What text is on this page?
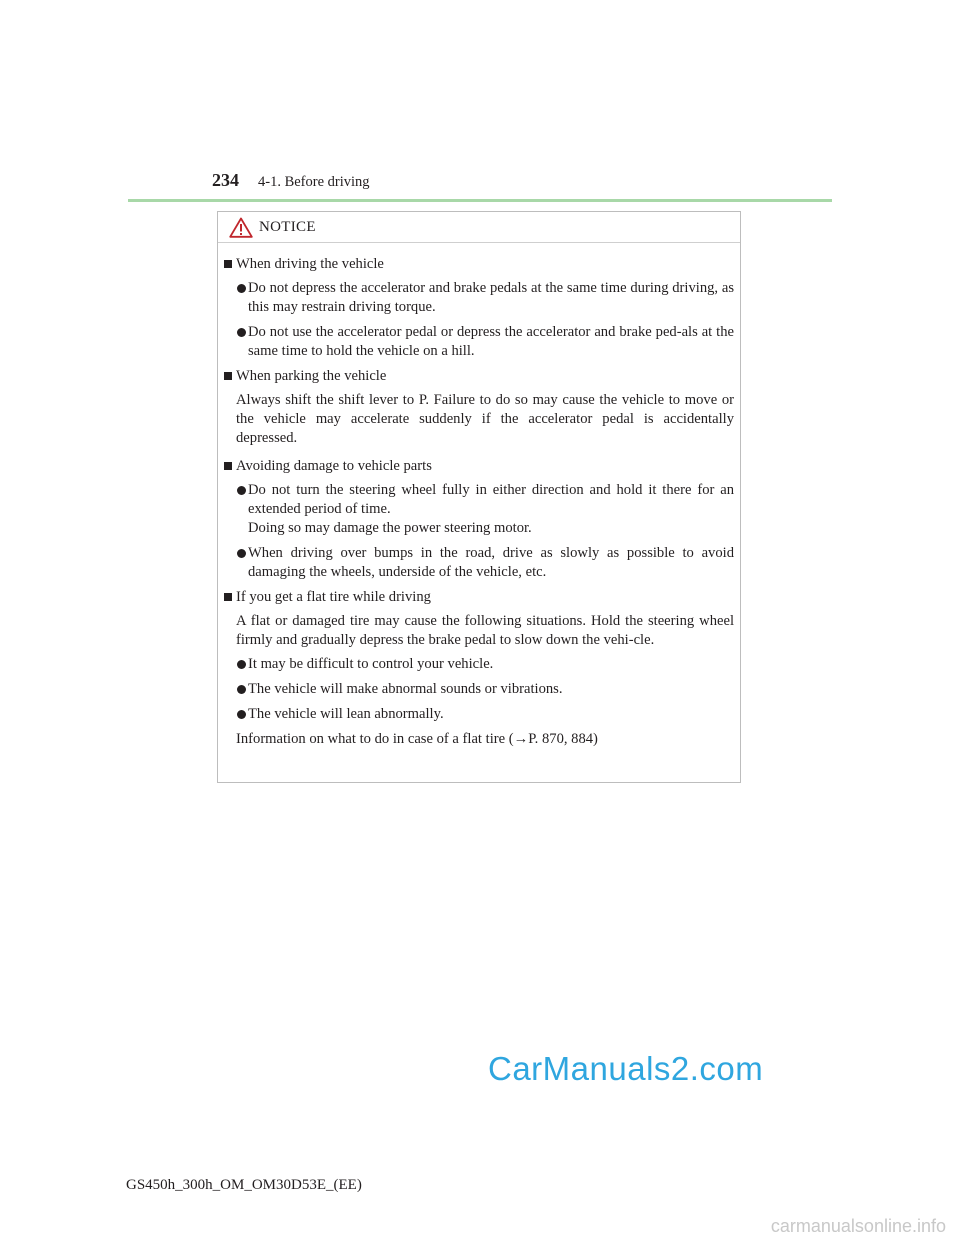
234 4-1. Before driving
NOTICE
When driving the vehicle
Do not depress the accelerator and brake pedals at the same time during driving, as this may restrain driving torque.
Do not use the accelerator pedal or depress the accelerator and brake ped-als at the same time to hold the vehicle on a hill.
When parking the vehicle
Always shift the shift lever to P. Failure to do so may cause the vehicle to move or the vehicle may accelerate suddenly if the accelerator pedal is accidentally depressed.
Avoiding damage to vehicle parts
Do not turn the steering wheel fully in either direction and hold it there for an extended period of time.
Doing so may damage the power steering motor.
When driving over bumps in the road, drive as slowly as possible to avoid damaging the wheels, underside of the vehicle, etc.
If you get a flat tire while driving
A flat or damaged tire may cause the following situations. Hold the steering wheel firmly and gradually depress the brake pedal to slow down the vehi-cle.
It may be difficult to control your vehicle.
The vehicle will make abnormal sounds or vibrations.
The vehicle will lean abnormally.
Information on what to do in case of a flat tire (→P. 870, 884)
CarManuals2.com
GS450h_300h_OM_OM30D53E_(EE)
carmanualsonline.info
